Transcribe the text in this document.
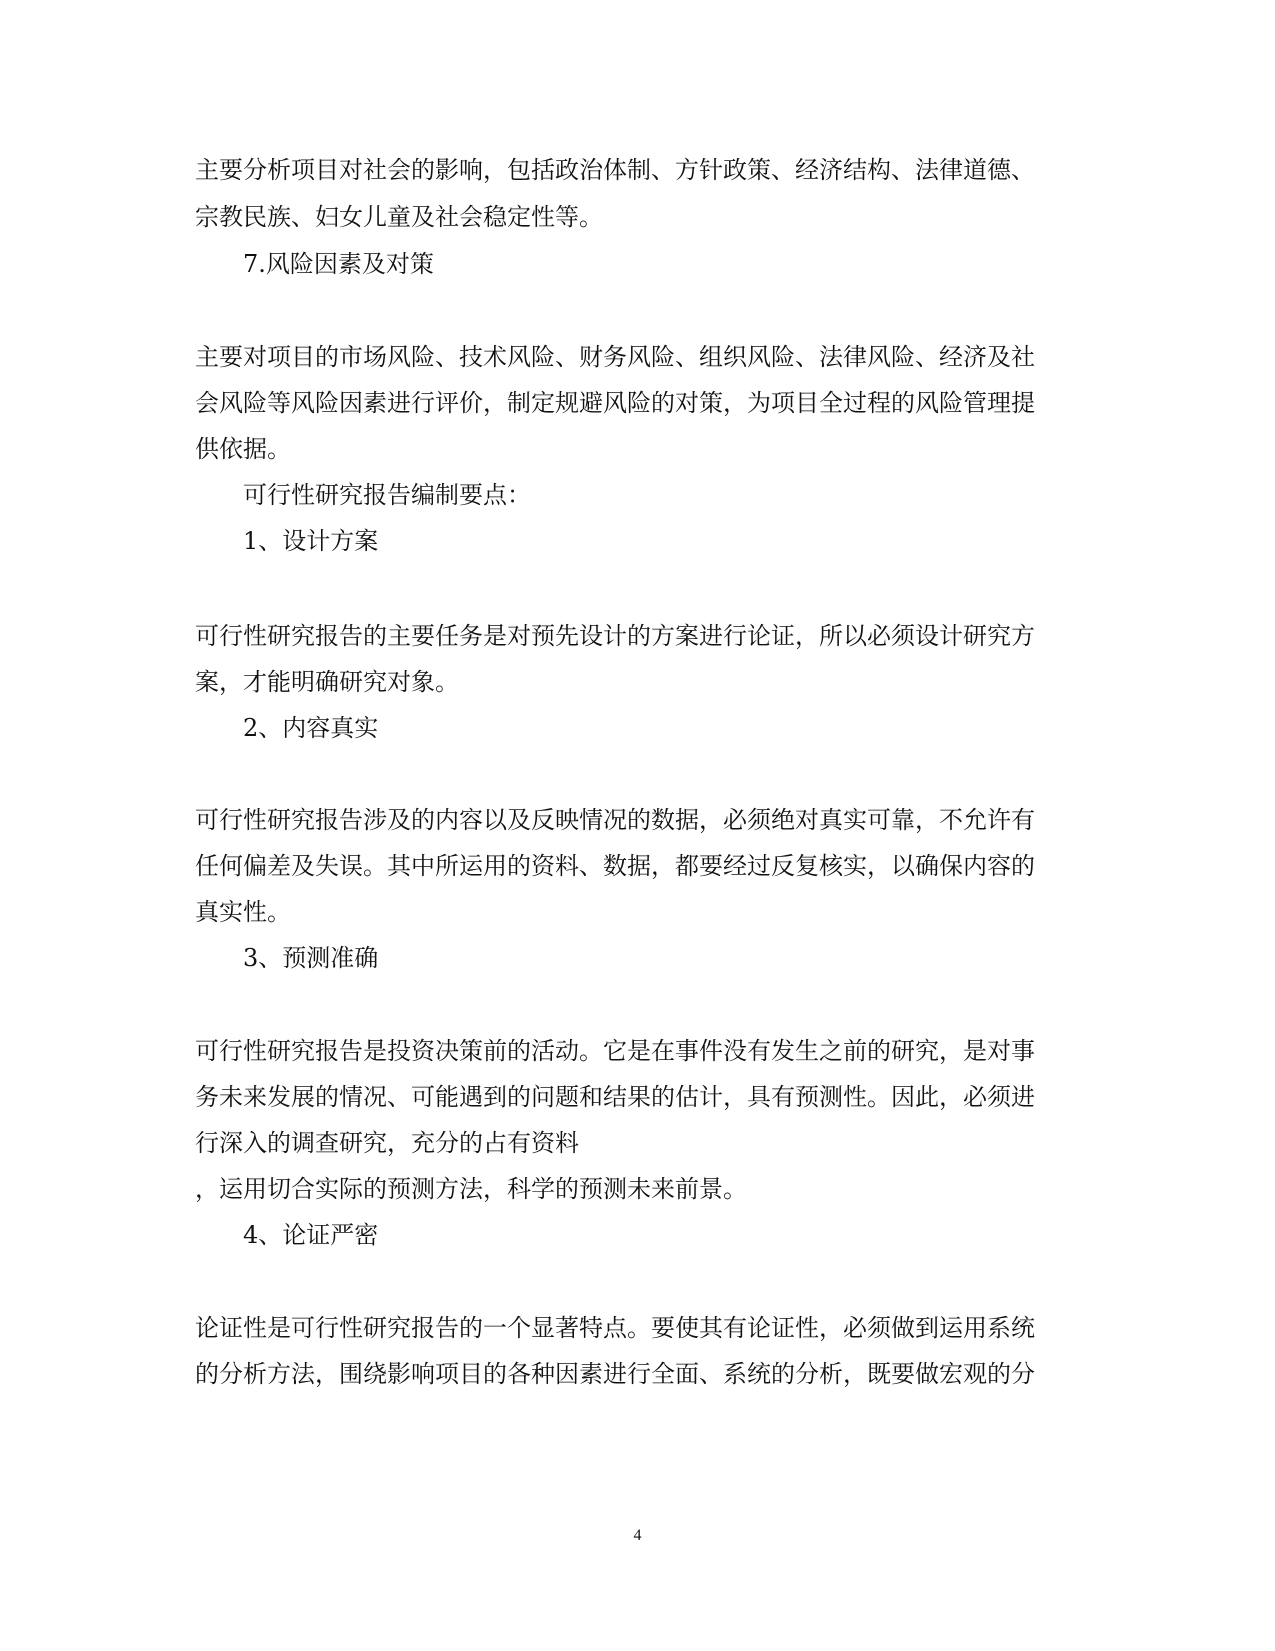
主要分析项目对社会的影响，包括政治体制、方针政策、经济结构、法律道德、
宗教民族、妇女儿童及社会稳定性等。
7.风险因素及对策
主要对项目的市场风险、技术风险、财务风险、组织风险、法律风险、经济及社
会风险等风险因素进行评价，制定规避风险的对策，为项目全过程的风险管理提
供依据。
可行性研究报告编制要点：
1、设计方案
可行性研究报告的主要任务是对预先设计的方案进行论证，所以必须设计研究方
案，才能明确研究对象。
2、内容真实
可行性研究报告涉及的内容以及反映情况的数据，必须绝对真实可靠，不允许有
任何偏差及失误。其中所运用的资料、数据，都要经过反复核实，以确保内容的
真实性。
3、预测准确
可行性研究报告是投资决策前的活动。它是在事件没有发生之前的研究，是对事
务未来发展的情况、可能遇到的问题和结果的估计，具有预测性。因此，必须进
行深入的调查研究，充分的占有资料
，运用切合实际的预测方法，科学的预测未来前景。
4、论证严密
论证性是可行性研究报告的一个显著特点。要使其有论证性，必须做到运用系统
的分析方法，围绕影响项目的各种因素进行全面、系统的分析，既要做宏观的分
4
